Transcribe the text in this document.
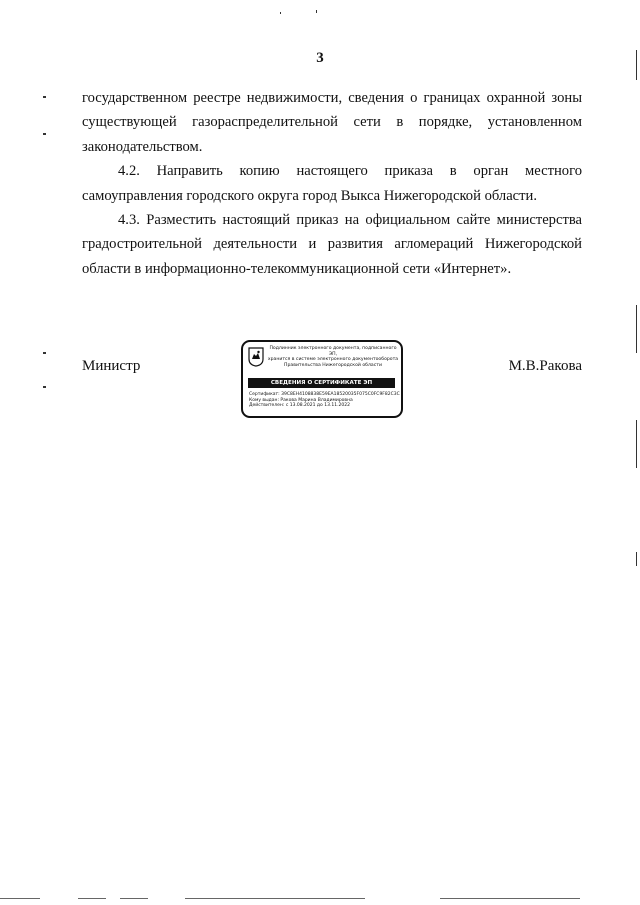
3

государственном реестре недвижимости, сведения о границах охранной зоны существующей газораспределительной сети в порядке, установленном законодательством.

4.2. Направить копию настоящего приказа в орган местного самоуправления городского округа город Выкса Нижегородской области.

4.3. Разместить настоящий приказ на официальном сайте министерства градостроительной деятельности и развития агломераций Нижегородской области в информационно-телекоммуникационной сети «Интернет».

Министр	М.В.Ракова
Подлинник электронного документа, подписанного ЭП,
хранится в системе электронного документооборота
Правительства Нижегородской области
СВЕДЕНИЯ О СЕРТИФИКАТЕ ЭП
Сертификат: 39C8EH4108838E59EA18520035F075C0FC9F82C3C
Кому выдан: Ракова Марина Владимировна
Действителен: с 13.08.2021 до 13.11.2022
